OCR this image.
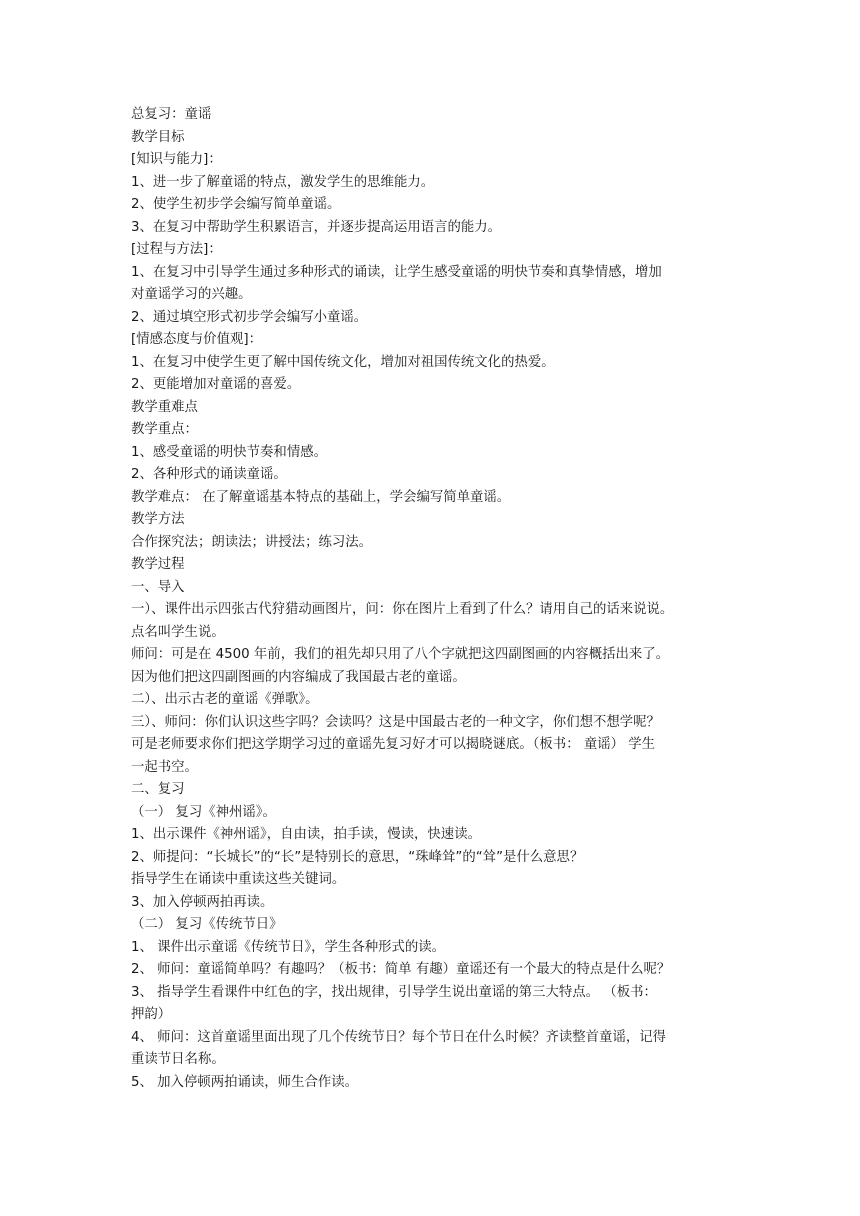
总复习：童谣
教学目标
[知识与能力]：
1、进一步了解童谣的特点，激发学生的思维能力。
2、使学生初步学会编写简单童谣。
3、在复习中帮助学生积累语言，并逐步提高运用语言的能力。
[过程与方法]：
1、在复习中引导学生通过多种形式的诵读，让学生感受童谣的明快节奏和真挚情感，增加
对童谣学习的兴趣。
2、通过填空形式初步学会编写小童谣。
[情感态度与价值观]：
1、在复习中使学生更了解中国传统文化，增加对祖国传统文化的热爱。
2、更能增加对童谣的喜爱。
教学重难点
教学重点：
1、感受童谣的明快节奏和情感。
2、各种形式的诵读童谣。
教学难点： 在了解童谣基本特点的基础上，学会编写简单童谣。
教学方法
合作探究法；朗读法；讲授法；练习法。
教学过程
一、导入
一）、课件出示四张古代狩猎动画图片，问：你在图片上看到了什么？请用自己的话来说说。
点名叫学生说。
师问：可是在 4500 年前，我们的祖先却只用了八个字就把这四副图画的内容概括出来了。
因为他们把这四副图画的内容编成了我国最古老的童谣。
二）、出示古老的童谣《弹歌》。
三）、师问：你们认识这些字吗？会读吗？这是中国最古老的一种文字，你们想不想学呢？
可是老师要求你们把这学期学习过的童谣先复习好才可以揭晓谜底。（板书： 童谣） 学生
一起书空。
二、复习
（一） 复习《神州谣》。
1、出示课件《神州谣》，自由读，拍手读，慢读，快速读。
2、师提问：“长城长”的“长”是特别长的意思，“珠峰耸”的“耸”是什么意思？
指导学生在诵读中重读这些关键词。
3、加入停顿两拍再读。
（二） 复习《传统节日》
1、 课件出示童谣《传统节日》，学生各种形式的读。
2、 师问：童谣简单吗？有趣吗？（板书：简单 有趣）童谣还有一个最大的特点是什么呢？
3、 指导学生看课件中红色的字，找出规律，引导学生说出童谣的第三大特点。 （板书：
押韵）
4、 师问：这首童谣里面出现了几个传统节日？每个节日在什么时候？齐读整首童谣，记得
重读节日名称。
5、 加入停顿两拍诵读，师生合作读。
